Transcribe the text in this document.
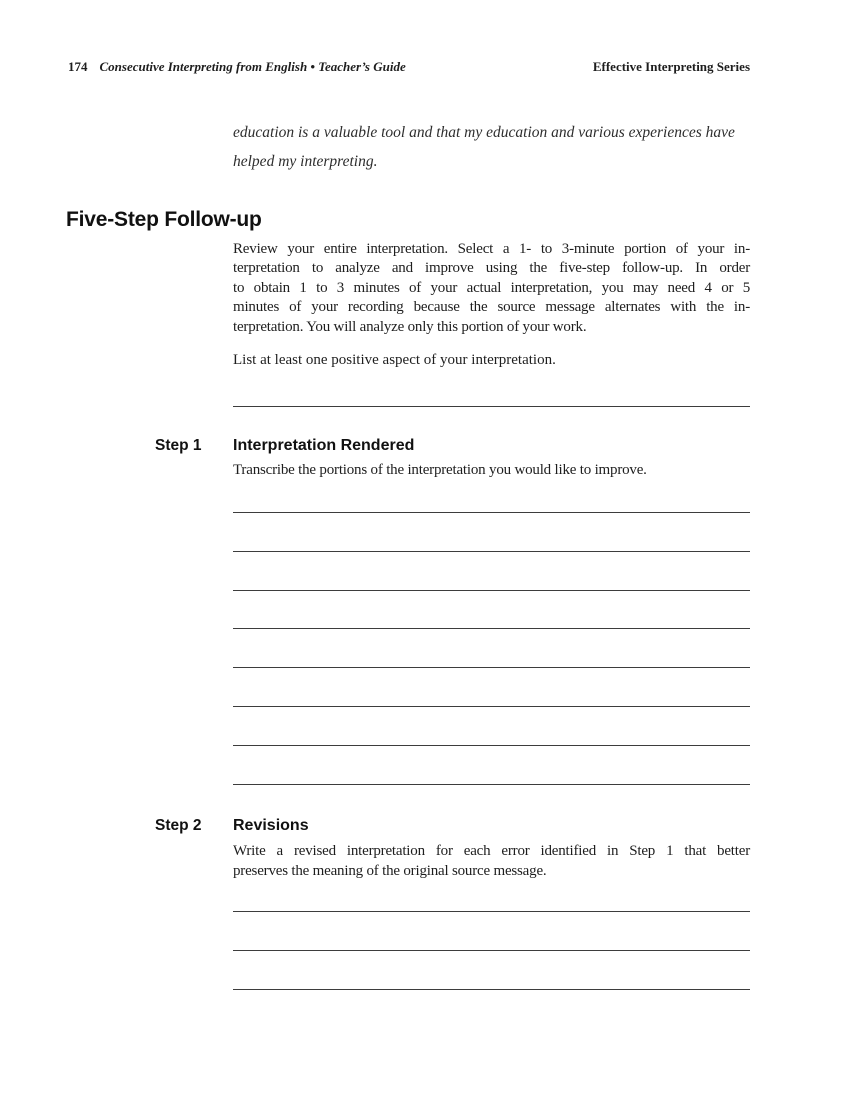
174 Consecutive Interpreting from English • Teacher’s Guide	Effective Interpreting Series
education is a valuable tool and that my education and various experiences have
helped my interpreting.
Five-Step Follow-up
Review your entire interpretation. Select a 1- to 3-minute portion of your in-
terpretation to analyze and improve using the five-step follow-up. In order
to obtain 1 to 3 minutes of your actual interpretation, you may need 4 or 5
minutes of your recording because the source message alternates with the in-
terpretation. You will analyze only this portion of your work.
List at least one positive aspect of your interpretation.
Step 1 Interpretation Rendered
Transcribe the portions of the interpretation you would like to improve.
Step 2 Revisions
Write a revised interpretation for each error identified in Step 1 that better
preserves the meaning of the original source message.
